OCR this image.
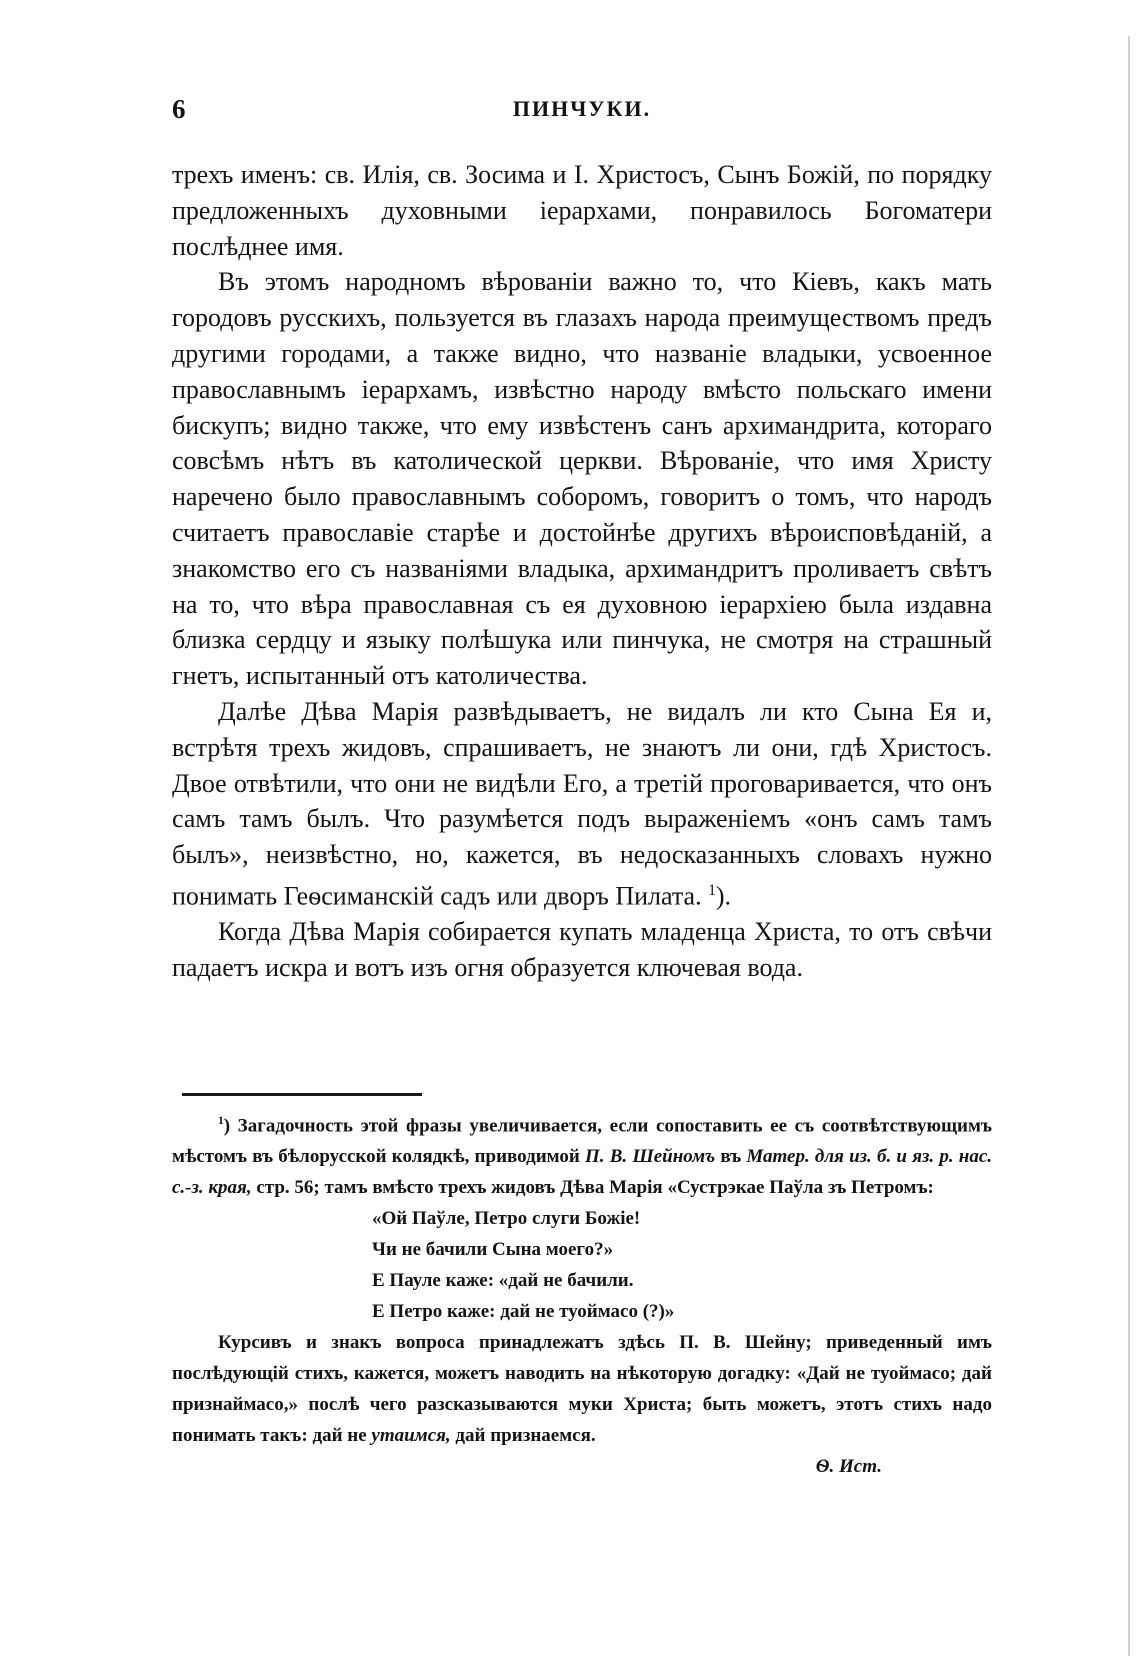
6	ПИНЧУКИ.

трехъ именъ: св. Илія, св. Зосима и І. Христосъ, Сынъ Божій, по порядку предложенныхъ духовными іерархами, понравилось Богоматери послѣднее имя.

Въ этомъ народномъ вѣрованіи важно то, что Кіевъ, какъ мать городовъ русскихъ, пользуется въ глазахъ народа преимуществомъ предъ другими городами, а также видно, что названіе владыки, усвоенное православнымъ іерархамъ, извѣстно народу вмѣсто польскаго имени бискупъ; видно также, что ему извѣстенъ санъ архимандрита, котораго совсѣмъ нѣтъ въ католической церкви. Вѣрованіе, что имя Христу наречено было православнымъ соборомъ, говоритъ о томъ, что народъ считаетъ православіе старѣе и достойнѣе другихъ вѣроисповѣданій, а знакомство его съ названіями владыка, архимандритъ проливаетъ свѣтъ на то, что вѣра православная съ ея духовною іерархіею была издавна близка сердцу и языку полѣшука или пинчука, не смотря на страшный гнетъ, испытанный отъ католичества.

Далѣе Дѣва Марія развѣдываетъ, не видалъ ли кто Сына Ея и, встрѣтя трехъ жидовъ, спрашиваетъ, не знаютъ ли они, гдѣ Христосъ. Двое отвѣтили, что они не видѣли Его, а третій проговаривается, что онъ самъ тамъ былъ. Что разумѣется подъ выраженіемъ «онъ самъ тамъ былъ», неизвѣстно, но, кажется, въ недосказанныхъ словахъ нужно понимать Геѳсиманскій садъ или дворъ Пилата. $^1$).

Когда Дѣва Марія собирается купать младенца Христа, то отъ свѣчи падаетъ искра и вотъ изъ огня образуется ключевая вода.

$^1$) Загадочность этой фразы увеличивается, если сопоставить ее съ соотвѣтствующимъ мѣстомъ въ бѣлорусской колядкѣ, приводимой П. В. Шейномъ въ Матер. для из. б. и яз. р. нас. с.-з. края, стр. 56; тамъ вмѣсто трехъ жидовъ Дѣва Марія «Сустрэкае Паўла зъ Петромъ:

«Ой Паўле, Петро слуги Божіе!
Чи не бачили Сына моего?»
Е Пауле каже: «дай не бачили.
Е Петро каже: дай не туоймасо (?)»

Курсивъ и знакъ вопроса принадлежатъ здѣсь П. В. Шейну; приведенный имъ послѣдующій стихъ, кажется, можетъ наводить на нѣкоторую догадку: «Дай не туоймасо; дай признаймасо,» послѣ чего разсказываются муки Христа; быть можетъ, этотъ стихъ надо понимать такъ: дай не утаимся, дай признаемся.

Ѳ. Ист.
